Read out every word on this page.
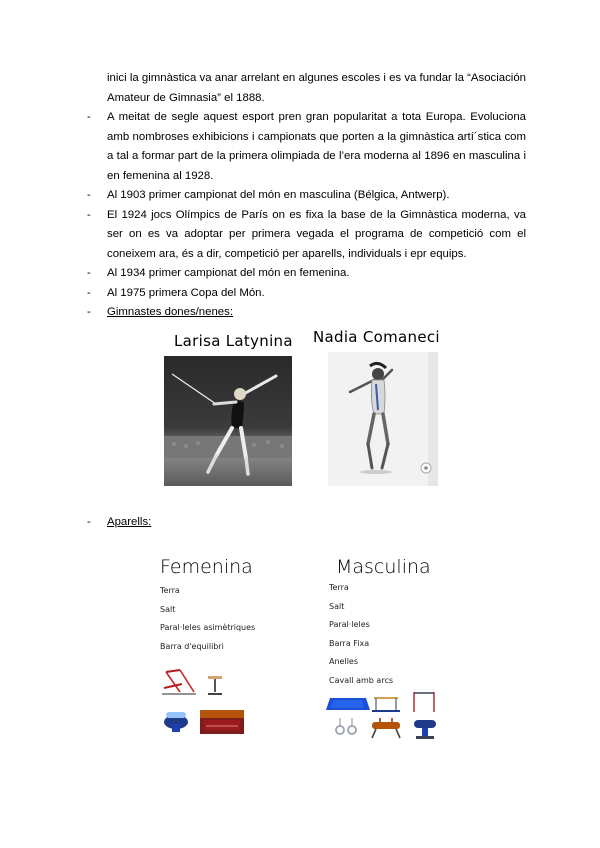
inici la gimnàstica va anar arrelant en algunes escoles i es va fundar la “Asociación Amateur de Gimnasia” el 1888.

- A meitat de segle aquest esport pren gran popularitat a tota Europa. Evoluciona amb nombroses exhibicions i campionats que porten a la gimnàstica artí´stica com a tal a formar part de la primera olimpiada de l’era moderna al 1896 en masculina i en femenina al 1928.

- Al 1903 primer campionat del món en masculina (Bélgica, Antwerp).

- El 1924 jocs Olímpics de París on es fixa la base de la Gimnàstica moderna, va ser on es va adoptar per primera vegada el programa de competició com el coneixem ara, és a dir, competició per aparells, individuals i epr equips.

- Al 1934 primer campionat del món en femenina.

- Al 1975 primera Copa del Món.

- Gimnastes dones/nenes:

Larisa Latynina Nadia Comaneci

- Aparells:

Femenina
Terra
Salt
Paral·leles asimètriques
Barra d'equilibri
Masculina
Terra
Salt
Paral·leles
Barra Fixa
Anelles
Cavall amb arcs
